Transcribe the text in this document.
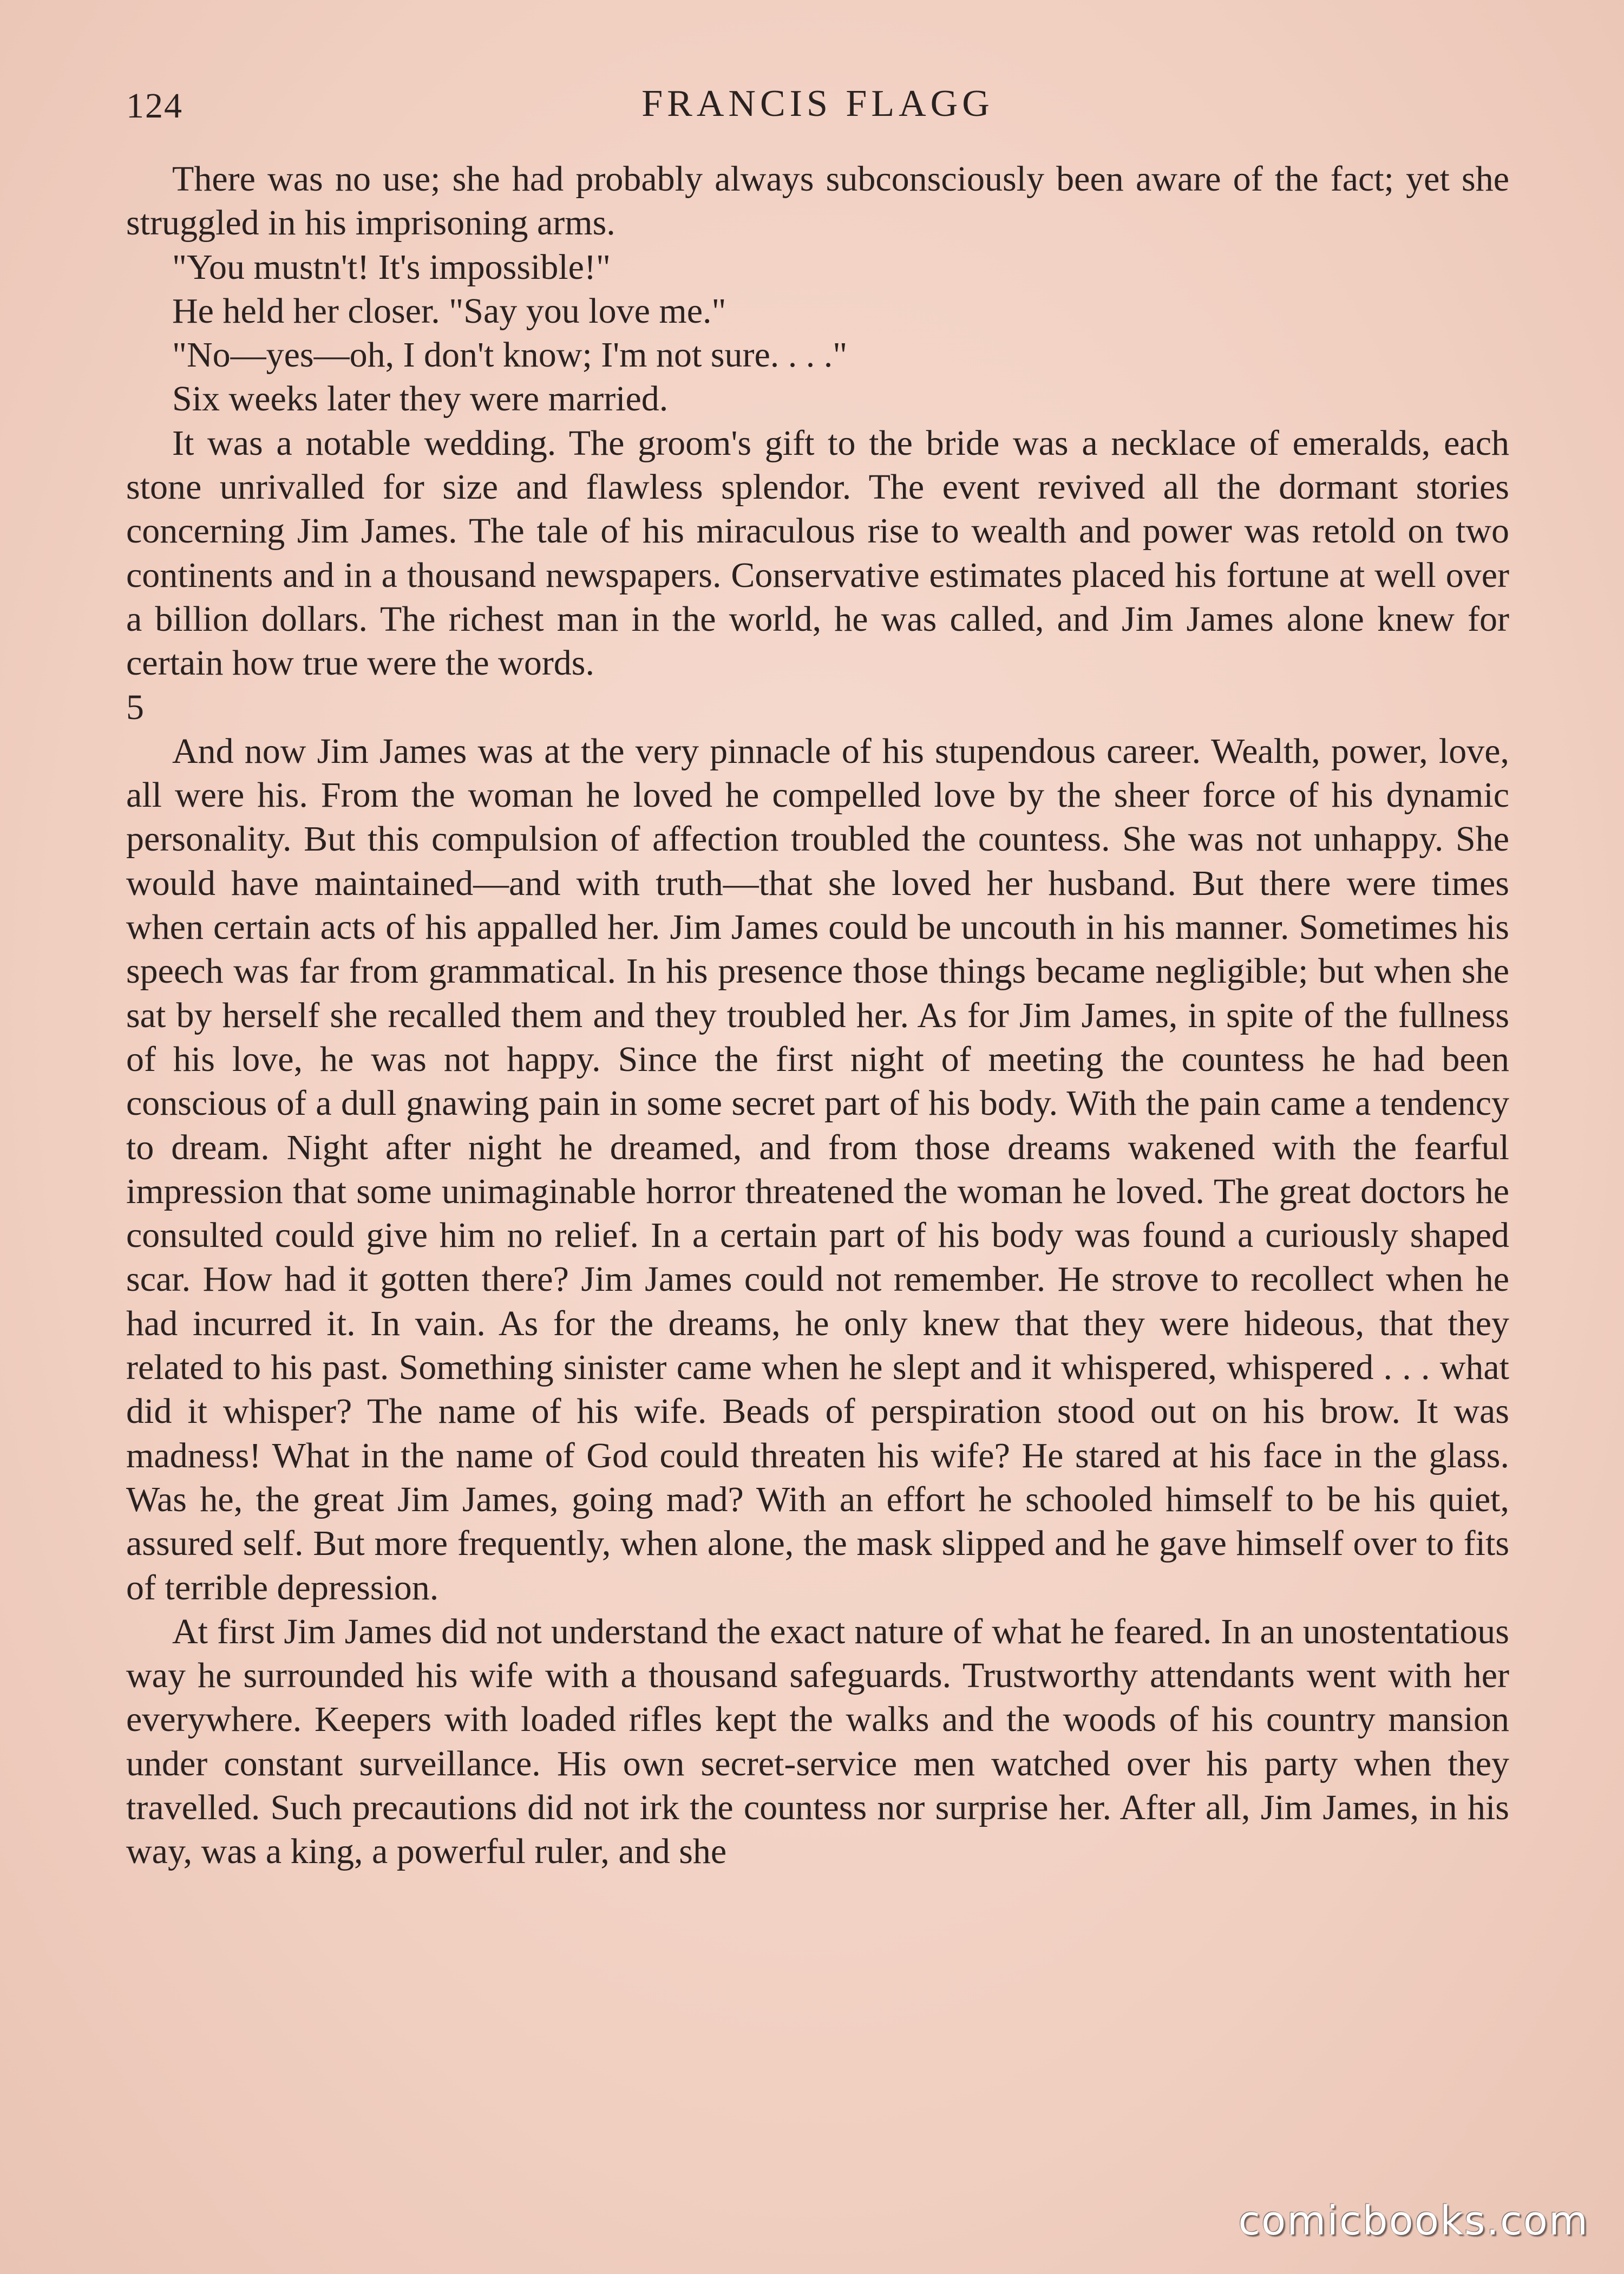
124	FRANCIS FLAGG

There was no use; she had probably always subconsciously been aware of the fact; yet she struggled in his imprisoning arms.

"You mustn't! It's impossible!"

He held her closer. "Say you love me."

"No—yes—oh, I don't know; I'm not sure. . . ."

Six weeks later they were married.

It was a notable wedding. The groom's gift to the bride was a necklace of emeralds, each stone unrivalled for size and flawless splendor. The event revived all the dormant stories concerning Jim James. The tale of his miraculous rise to wealth and power was retold on two continents and in a thousand newspapers. Conservative estimates placed his fortune at well over a billion dollars. The richest man in the world, he was called, and Jim James alone knew for certain how true were the words.

5

And now Jim James was at the very pinnacle of his stupendous career. Wealth, power, love, all were his. From the woman he loved he compelled love by the sheer force of his dynamic personality. But this compulsion of affection troubled the countess. She was not unhappy. She would have maintained—and with truth—that she loved her husband. But there were times when certain acts of his appalled her. Jim James could be uncouth in his manner. Sometimes his speech was far from grammatical. In his presence those things became negligible; but when she sat by herself she recalled them and they troubled her. As for Jim James, in spite of the fullness of his love, he was not happy. Since the first night of meeting the countess he had been conscious of a dull gnawing pain in some secret part of his body. With the pain came a tendency to dream. Night after night he dreamed, and from those dreams wakened with the fearful impression that some unimaginable horror threatened the woman he loved. The great doctors he consulted could give him no relief. In a certain part of his body was found a curiously shaped scar. How had it gotten there? Jim James could not remember. He strove to recollect when he had incurred it. In vain. As for the dreams, he only knew that they were hideous, that they related to his past. Something sinister came when he slept and it whispered, whispered . . . what did it whisper? The name of his wife. Beads of perspiration stood out on his brow. It was madness! What in the name of God could threaten his wife? He stared at his face in the glass. Was he, the great Jim James, going mad? With an effort he schooled himself to be his quiet, assured self. But more frequently, when alone, the mask slipped and he gave himself over to fits of terrible depression.

At first Jim James did not understand the exact nature of what he feared. In an unostentatious way he surrounded his wife with a thousand safeguards. Trustworthy attendants went with her everywhere. Keepers with loaded rifles kept the walks and the woods of his country mansion under constant surveillance. His own secret-service men watched over his party when they travelled. Such precautions did not irk the countess nor surprise her. After all, Jim James, in his way, was a king, a powerful ruler, and she

comicbooks.com
